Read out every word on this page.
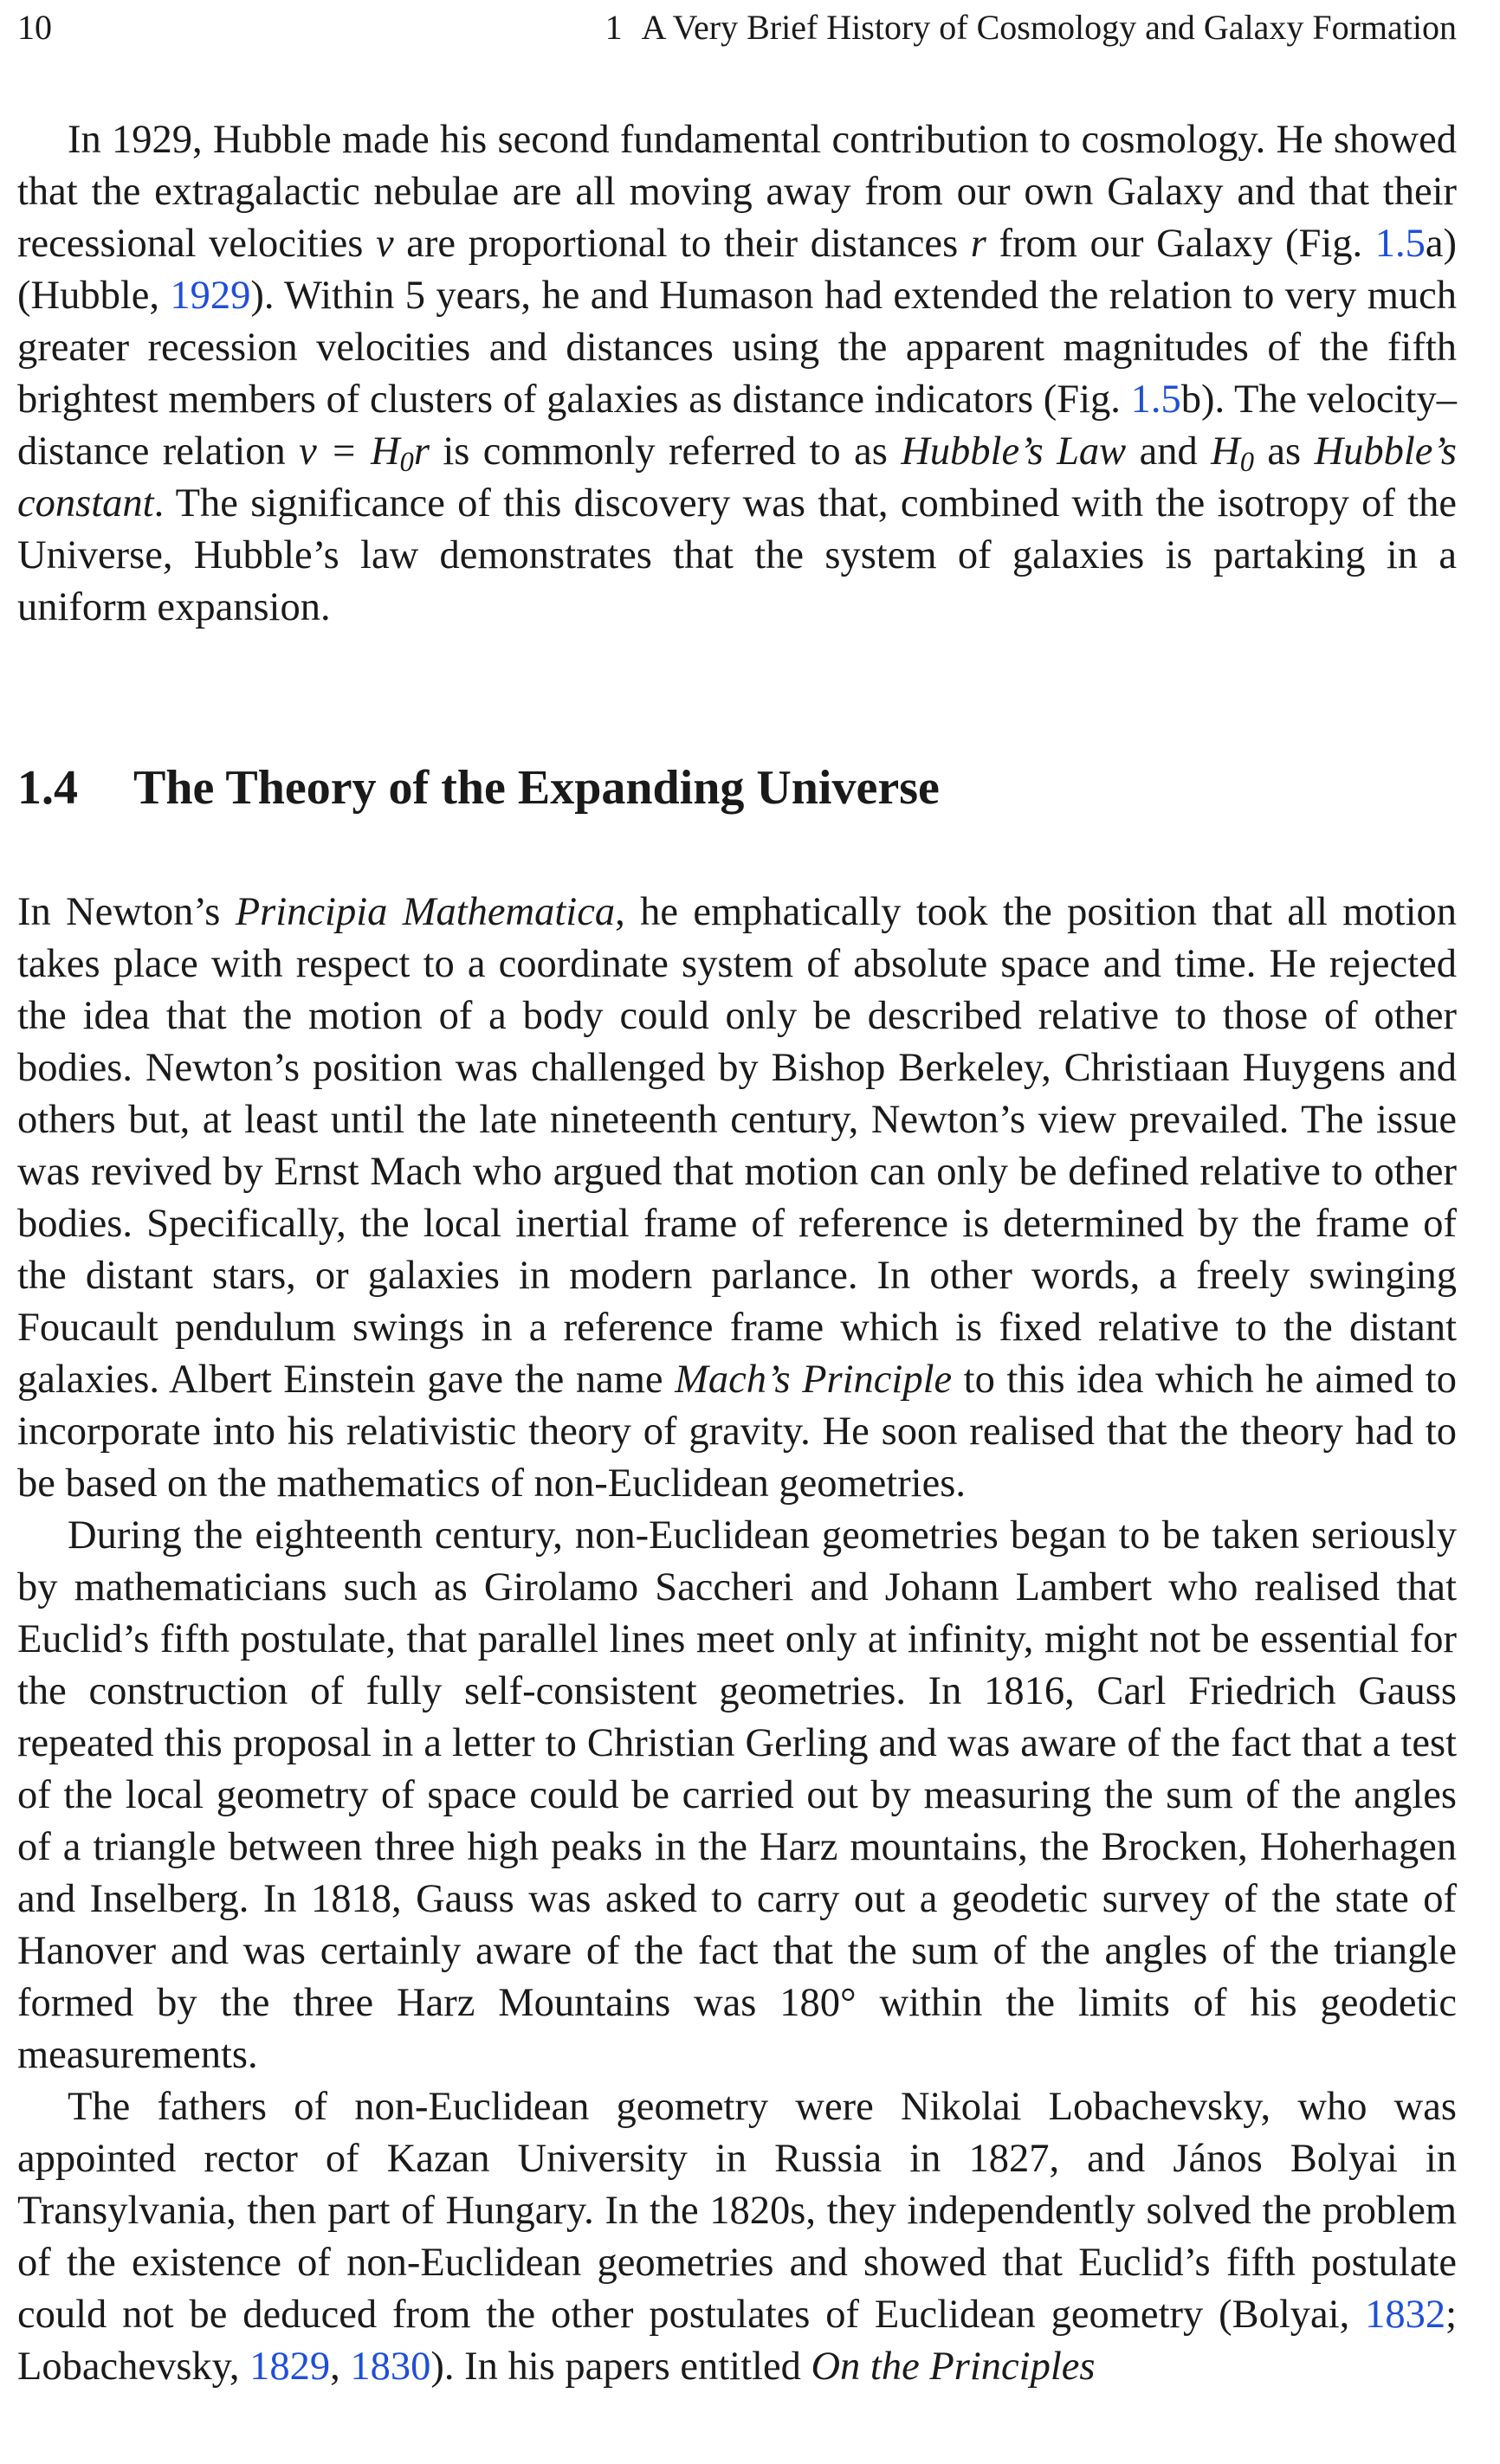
10	1 A Very Brief History of Cosmology and Galaxy Formation

In 1929, Hubble made his second fundamental contribution to cosmology. He showed that the extragalactic nebulae are all moving away from our own Galaxy and that their recessional velocities v are proportional to their distances r from our Galaxy (Fig. 1.5a) (Hubble, 1929). Within 5 years, he and Humason had extended the relation to very much greater recession velocities and distances using the apparent magnitudes of the fifth brightest members of clusters of galaxies as distance indicators (Fig. 1.5b). The velocity–distance relation $v = H_0r$ is commonly referred to as Hubble’s Law and $H_0$ as Hubble’s constant. The significance of this discovery was that, combined with the isotropy of the Universe, Hubble’s law demonstrates that the system of galaxies is partaking in a uniform expansion.

1.4 The Theory of the Expanding Universe

In Newton’s Principia Mathematica, he emphatically took the position that all motion takes place with respect to a coordinate system of absolute space and time. He rejected the idea that the motion of a body could only be described relative to those of other bodies. Newton’s position was challenged by Bishop Berkeley, Christiaan Huygens and others but, at least until the late nineteenth century, Newton’s view prevailed. The issue was revived by Ernst Mach who argued that motion can only be defined relative to other bodies. Specifically, the local inertial frame of reference is determined by the frame of the distant stars, or galaxies in modern parlance. In other words, a freely swinging Foucault pendulum swings in a reference frame which is fixed relative to the distant galaxies. Albert Einstein gave the name Mach’s Principle to this idea which he aimed to incorporate into his relativistic theory of gravity. He soon realised that the theory had to be based on the mathematics of non-Euclidean geometries.

During the eighteenth century, non-Euclidean geometries began to be taken seriously by mathematicians such as Girolamo Saccheri and Johann Lambert who realised that Euclid’s fifth postulate, that parallel lines meet only at infinity, might not be essential for the construction of fully self-consistent geometries. In 1816, Carl Friedrich Gauss repeated this proposal in a letter to Christian Gerling and was aware of the fact that a test of the local geometry of space could be carried out by measuring the sum of the angles of a triangle between three high peaks in the Harz mountains, the Brocken, Hoherhagen and Inselberg. In 1818, Gauss was asked to carry out a geodetic survey of the state of Hanover and was certainly aware of the fact that the sum of the angles of the triangle formed by the three Harz Mountains was 180° within the limits of his geodetic measurements.

The fathers of non-Euclidean geometry were Nikolai Lobachevsky, who was appointed rector of Kazan University in Russia in 1827, and János Bolyai in Transylvania, then part of Hungary. In the 1820s, they independently solved the problem of the existence of non-Euclidean geometries and showed that Euclid’s fifth postulate could not be deduced from the other postulates of Euclidean geometry (Bolyai, 1832; Lobachevsky, 1829, 1830). In his papers entitled On the Principles
